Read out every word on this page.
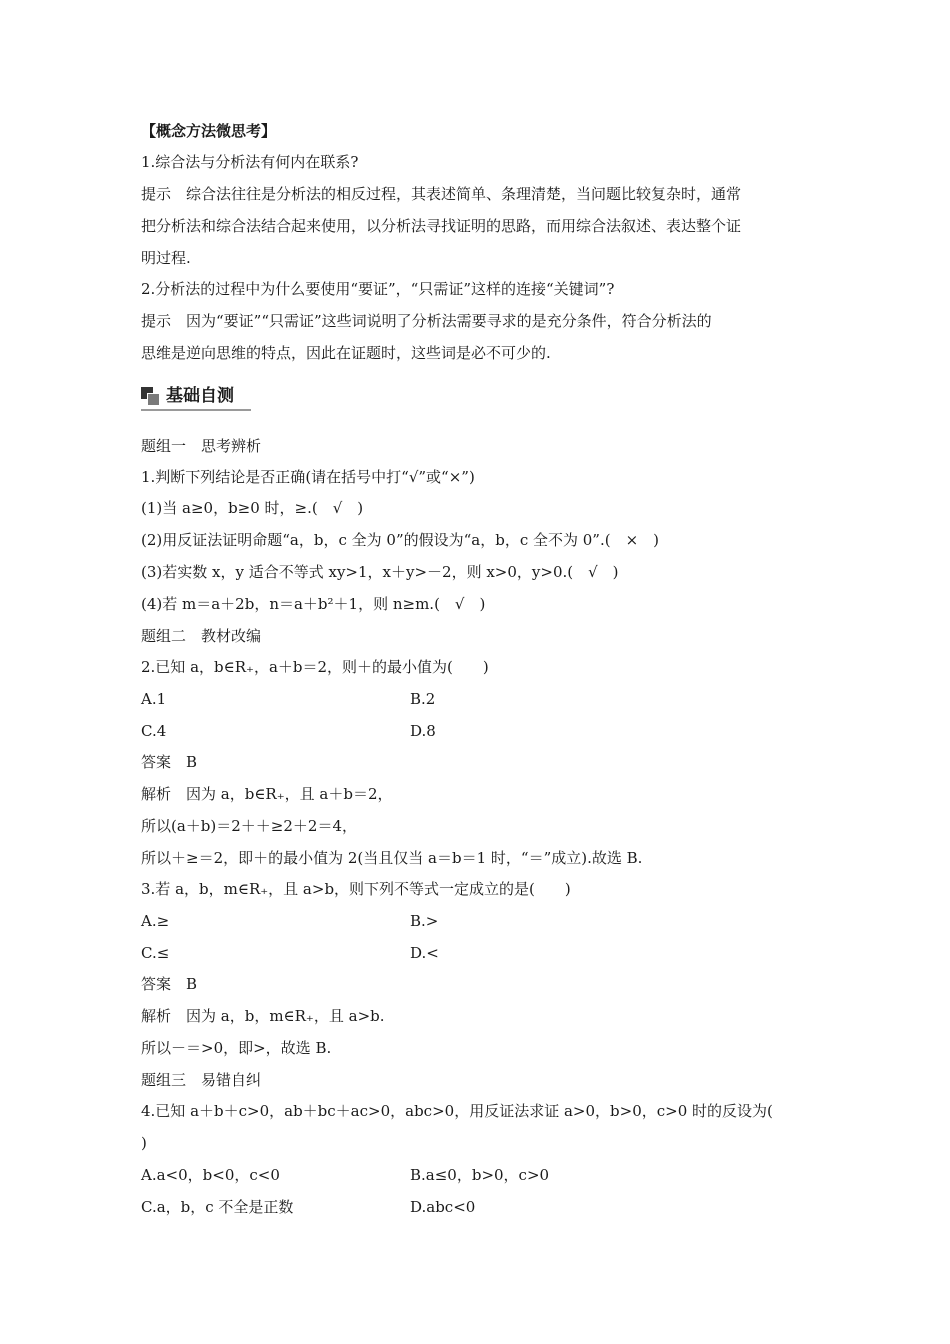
【概念方法微思考】
1.综合法与分析法有何内在联系?
提示　综合法往往是分析法的相反过程，其表述简单、条理清楚，当问题比较复杂时，通常
把分析法和综合法结合起来使用，以分析法寻找证明的思路，而用综合法叙述、表达整个证
明过程.
2.分析法的过程中为什么要使用“要证”，“只需证”这样的连接“关键词”?
提示　因为“要证”“只需证”这些词说明了分析法需要寻求的是充分条件，符合分析法的
思维是逆向思维的特点，因此在证题时，这些词是必不可少的.
基础自测
题组一　思考辨析
1.判断下列结论是否正确(请在括号中打“√”或“×”)
(1)当 a≥0，b≥0 时，≥.(　√　)
(2)用反证法证明命题“a，b，c 全为 0”的假设为“a，b，c 全不为 0”.(　×　)
(3)若实数 x，y 适合不等式 xy>1，x＋y>－2，则 x>0，y>0.(　√　)
(4)若 m＝a＋2b，n＝a＋b²＋1，则 n≥m.(　√　)
题组二　教材改编
2.已知 a，b∈R₊，a＋b＝2，则＋的最小值为(　　)
A.1	B.2
C.4	D.8
答案　B
解析　因为 a，b∈R₊，且 a＋b＝2，
所以(a＋b)＝2＋＋≥2＋2＝4，
所以＋≥＝2，即＋的最小值为 2(当且仅当 a＝b＝1 时，“＝”成立).故选 B.
3.若 a，b，m∈R₊，且 a>b，则下列不等式一定成立的是(　　)
A.≥	B.>
C.≤	D.<
答案　B
解析　因为 a，b，m∈R₊，且 a>b.
所以－＝>0，即>，故选 B.
题组三　易错自纠
4.已知 a＋b＋c>0，ab＋bc＋ac>0，abc>0，用反证法求证 a>0，b>0，c>0 时的反设为(
)
A.a<0，b<0，c<0	B.a≤0，b>0，c>0
C.a，b，c 不全是正数	D.abc<0
